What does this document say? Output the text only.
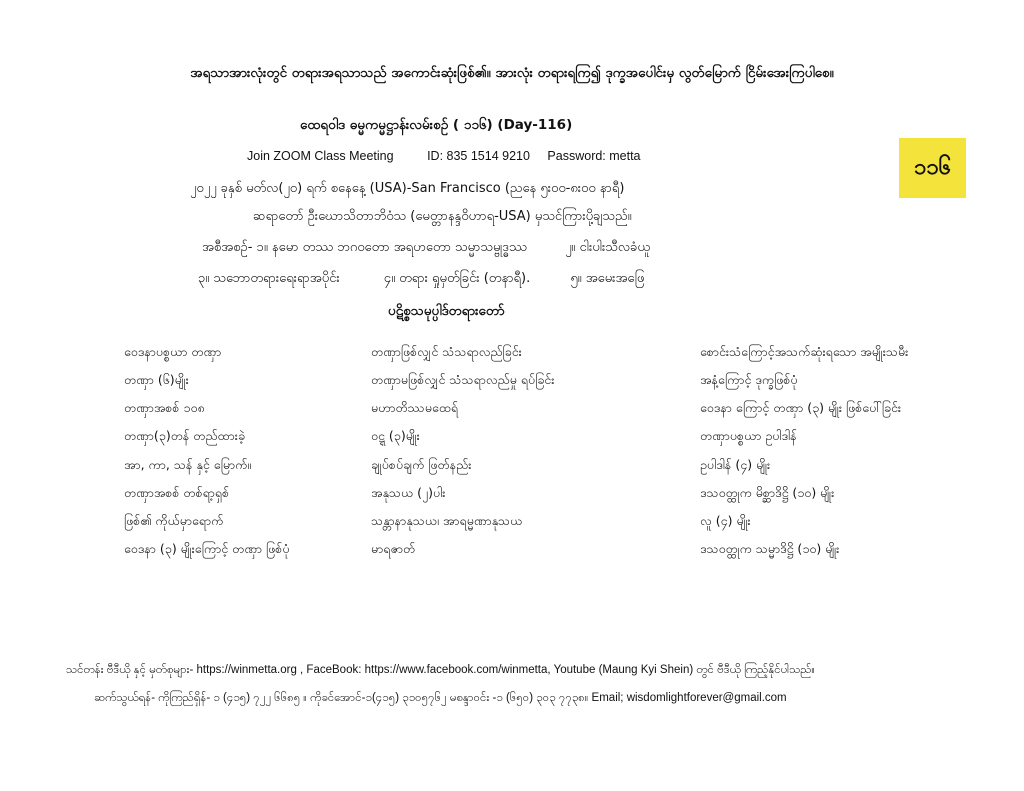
အရသာအားလုံးတွင် တရားအရသာသည် အကောင်းဆုံးဖြစ်၏။ အားလုံး တရားရကြ၍ ဒုက္ခအပေါင်းမှ လွတ်မြောက် ငြိမ်းအေးကြပါစေ။
ထေရဝါဒ ဓမ္မကမ္မဋ္ဌာန်းလမ်းစဉ် ( ၁၁၆) (Day-116)
Join ZOOM Class Meeting	ID: 835 1514 9210 Password: metta
၂၀၂၂ ခုနှစ် မတ်လ(၂၀) ရက် စနေနေ့ (USA)-San Francisco (ညနေ ၅း၀၀-၈း၀၀ နာရီ)
ဆရာတော် ဦးဃောသိတာဘိဝံသ (မေတ္တာနန္ဒဝိဟာရ-USA) မှသင်ကြားပို့ချသည်။
အစီအစဉ်- ၁။ နမော တဿ ဘဂဝတော အရဟတော သမ္မာသမ္ဗုဒ္ဓဿ	၂။ ငါးပါးသီလခံယူ
၃။ သဘောတရားရေးရာအပိုင်း	၄။ တရား ရှုမှတ်ခြင်း (တနာရီ).	၅။ အမေးအဖြေ
ပဋိစ္စသမုပ္ပါဒ်တရားတော်
၁၁၆
ဝေဒနာပစ္စယာ တဏှာ	တဏှာဖြစ်လျှင် သံသရာလည်ခြင်း	စောင်းသံကြောင့်အသက်ဆုံးရသော အမျိုးသမီး
တဏှာ (၆)မျိုး	တဏှာမဖြစ်လျှင် သံသရာလည်မှု ရပ်ခြင်း	အနံ့ကြောင့် ဒုက္ခဖြစ်ပုံ
တဏှာအစစ် ၁၀၈	မဟာတိဿမထေရ်	ဝေဒနာ ကြောင့် တဏှာ (၃) မျိုး ဖြစ်ပေါ်ခြင်း
တဏှာ(၃)တန် တည်ထားခဲ့	ဝဋ္ဋ (၃)မျိုး	တဏှာပစ္စယာ ဥပါဒါန်
အာ, ကာ, သန် နှင့် မြောက်။	ချုပ်စပ်ချက် ဖြတ်နည်း	ဥပါဒါန် (၄) မျိုး
တဏှာအစစ် တစ်ရာ့ရှစ်	အနုသယ (၂)ပါး	ဒသဝတ္ထုက မိစ္ဆာဒိဋ္ဌိ (၁၀) မျိုး
ဖြစ်၏ ကိုယ်မှာရောက်	သန္တာနာနုသယ၊ အာရမ္မဏာနုသယ	လူ (၄) မျိုး
ဝေဒနာ (၃) မျိုးကြောင့် တဏှာ ဖြစ်ပုံ	မာရဇာတ်	ဒသဝတ္ထုက သမ္မာဒိဋ္ဌိ (၁၀) မျိုး
သင်တန်း ဗီဒီယို နှင့် မှတ်စုများ- https://winmetta.org , FaceBook: https://www.facebook.com/winmetta, Youtube (Maung Kyi Shein) တွင် ဗီဒီယို ကြည့်နိုင်ပါသည်။
ဆက်သွယ်ရန်- ကိုကြည်ရှိန်- ၁ (၄၁၅) ၇၂၂ ၆၆၈၅ ။ ကိုခင်အောင်-၁(၄၁၅) ၃၁၀၅၇၆၂ မစန္ဒာဝင်း -၁ (၆၅၀) ၃၀၃ ၇၇၃၈။ Email; wisdomlightforever@gmail.com
